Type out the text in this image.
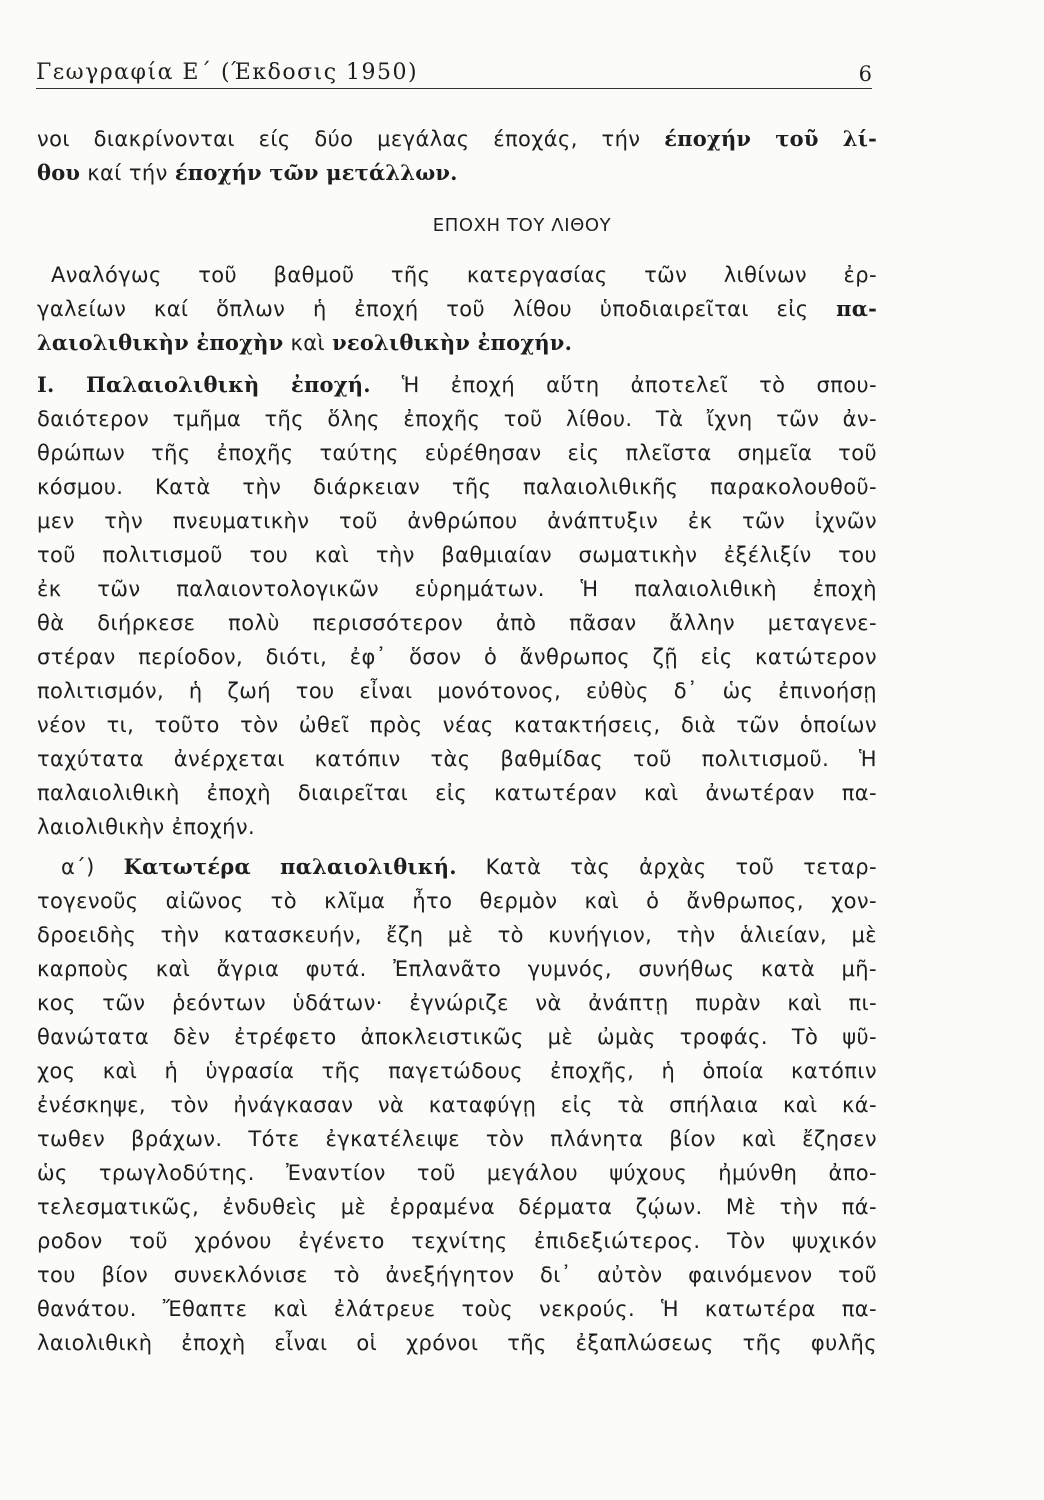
Γεωγραφία Ε΄ (Έκδοσις 1950)	6
νοι διακρίνονται είς δύο μεγάλας έποχάς, τήν έποχήν τοῦ λί-
θου καί τήν έποχήν τῶν μετάλλων.
ΕΠΟΧΗ ΤΟΥ ΛΙΘΟΥ
Αναλόγως τοῦ βαθμοῦ τῆς κατεργασίας τῶν λιθίνων ἐρ-
γαλείων καί ὅπλων ἡ ἐποχή τοῦ λίθου ὑποδιαιρεῖται εἰς πα-
λαιολιθικὴν ἐποχὴν καὶ νεολιθικὴν ἐποχήν.
I. Παλαιολιθικὴ ἐποχή. Ἡ ἐποχή αὕτη ἀποτελεῖ τὸ σπου-
δαιότερον τμῆμα τῆς ὅλης ἐποχῆς τοῦ λίθου. Τὰ ἴχνη τῶν ἀν-
θρώπων τῆς ἐποχῆς ταύτης εὑρέθησαν εἰς πλεῖστα σημεῖα τοῦ
κόσμου. Κατὰ τὴν διάρκειαν τῆς παλαιολιθικῆς παρακολουθοῦ-
μεν τὴν πνευματικὴν τοῦ ἀνθρώπου ἀνάπτυξιν ἐκ τῶν ἰχνῶν
τοῦ πολιτισμοῦ του καὶ τὴν βαθμιαίαν σωματικὴν ἐξέλιξίν του
ἐκ τῶν παλαιοντολογικῶν εὑρημάτων. Ἡ παλαιολιθικὴ ἐποχὴ
θὰ διήρκεσε πολὺ περισσότερον ἀπὸ πᾶσαν ἄλλην μεταγενε-
στέραν περίοδον, διότι, ἐφ᾽ ὅσον ὁ ἄνθρωπος ζῇ εἰς κατώτερον
πολιτισμόν, ἡ ζωή του εἶναι μονότονος, εὐθὺς δ᾽ ὡς ἐπινοήσῃ
νέον τι, τοῦτο τὸν ὠθεῖ πρὸς νέας κατακτήσεις, διὰ τῶν ὁποίων
ταχύτατα ἀνέρχεται κατόπιν τὰς βαθμίδας τοῦ πολιτισμοῦ. Ἡ
παλαιολιθικὴ ἐποχὴ διαιρεῖται εἰς κατωτέραν καὶ ἀνωτέραν πα-
λαιολιθικὴν ἐποχήν.
α΄) Κατωτέρα παλαιολιθική. Κατὰ τὰς ἀρχὰς τοῦ τεταρ-
τογενοῦς αἰῶνος τὸ κλῖμα ἦτο θερμὸν καὶ ὁ ἄνθρωπος, χον-
δροειδὴς τὴν κατασκευήν, ἔζη μὲ τὸ κυνήγιον, τὴν ἁλιείαν, μὲ
καρποὺς καὶ ἄγρια φυτά. Ἐπλανᾶτο γυμνός, συνήθως κατὰ μῆ-
κος τῶν ῥεόντων ὑδάτων· ἐγνώριζε νὰ ἀνάπτῃ πυρὰν καὶ πι-
θανώτατα δὲν ἐτρέφετο ἀποκλειστικῶς μὲ ὠμὰς τροφάς. Τὸ ψῦ-
χος καὶ ἡ ὑγρασία τῆς παγετώδους ἐποχῆς, ἡ ὁποία κατόπιν
ἐνέσκηψε, τὸν ἠνάγκασαν νὰ καταφύγῃ εἰς τὰ σπήλαια καὶ κά-
τωθεν βράχων. Τότε ἐγκατέλειψε τὸν πλάνητα βίον καὶ ἔζησεν
ὡς τρωγλοδύτης. Ἐναντίον τοῦ μεγάλου ψύχους ἠμύνθη ἀπο-
τελεσματικῶς, ἐνδυθεὶς μὲ ἐρραμένα δέρματα ζῴων. Μὲ τὴν πά-
ροδον τοῦ χρόνου ἐγένετο τεχνίτης ἐπιδεξιώτερος. Τὸν ψυχικόν
του βίον συνεκλόνισε τὸ ἀνεξήγητον δι᾽ αὐτὸν φαινόμενον τοῦ
θανάτου. Ἔθαπτε καὶ ἐλάτρευε τοὺς νεκρούς. Ἡ κατωτέρα πα-
λαιολιθικὴ ἐποχὴ εἶναι οἱ χρόνοι τῆς ἐξαπλώσεως τῆς φυλῆς
